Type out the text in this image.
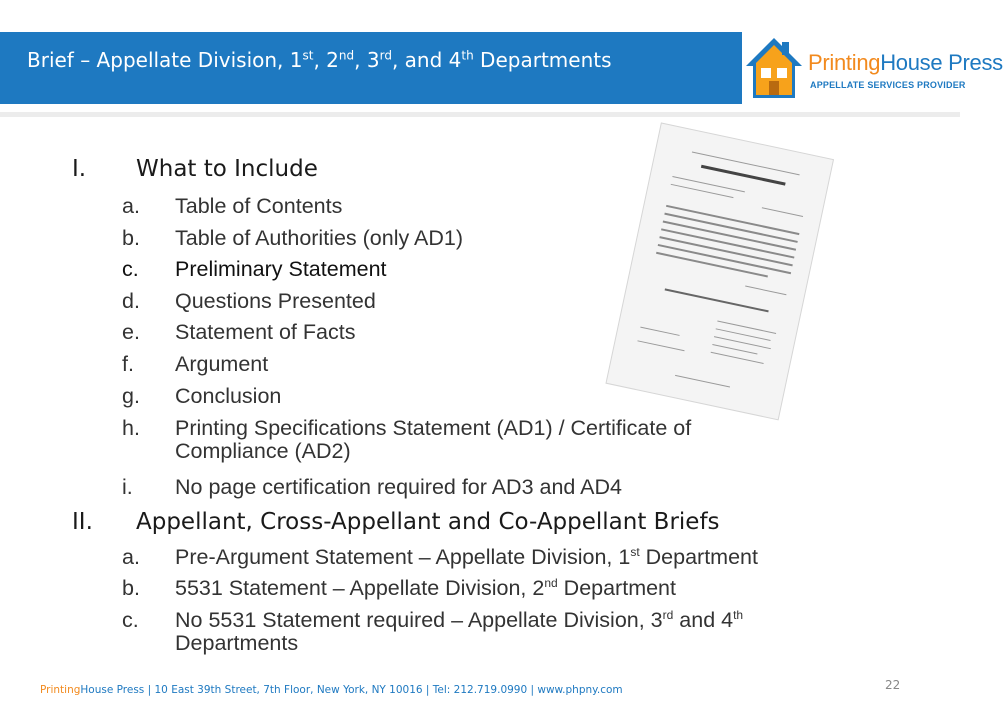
Brief – Appellate Division, 1st, 2nd, 3rd, and 4th Departments	PrintingHouse Press
APPELLATE SERVICES PROVIDER
I. What to Include
a. Table of Contents
b. Table of Authorities (only AD1)
c. Preliminary Statement
d. Questions Presented
e. Statement of Facts
f. Argument
g. Conclusion
h. Printing Specifications Statement (AD1) / Certificate of
Compliance (AD2)
i. No page certification required for AD3 and AD4
II. Appellant, Cross-Appellant and Co-Appellant Briefs
a. Pre-Argument Statement – Appellate Division, 1st Department
b. 5531 Statement – Appellate Division, 2nd Department
c. No 5531 Statement required – Appellate Division, 3rd and 4th
Departments
PrintingHouse Press | 10 East 39th Street, 7th Floor, New York, NY 10016 | Tel: 212.719.0990 | www.phpny.com	22
